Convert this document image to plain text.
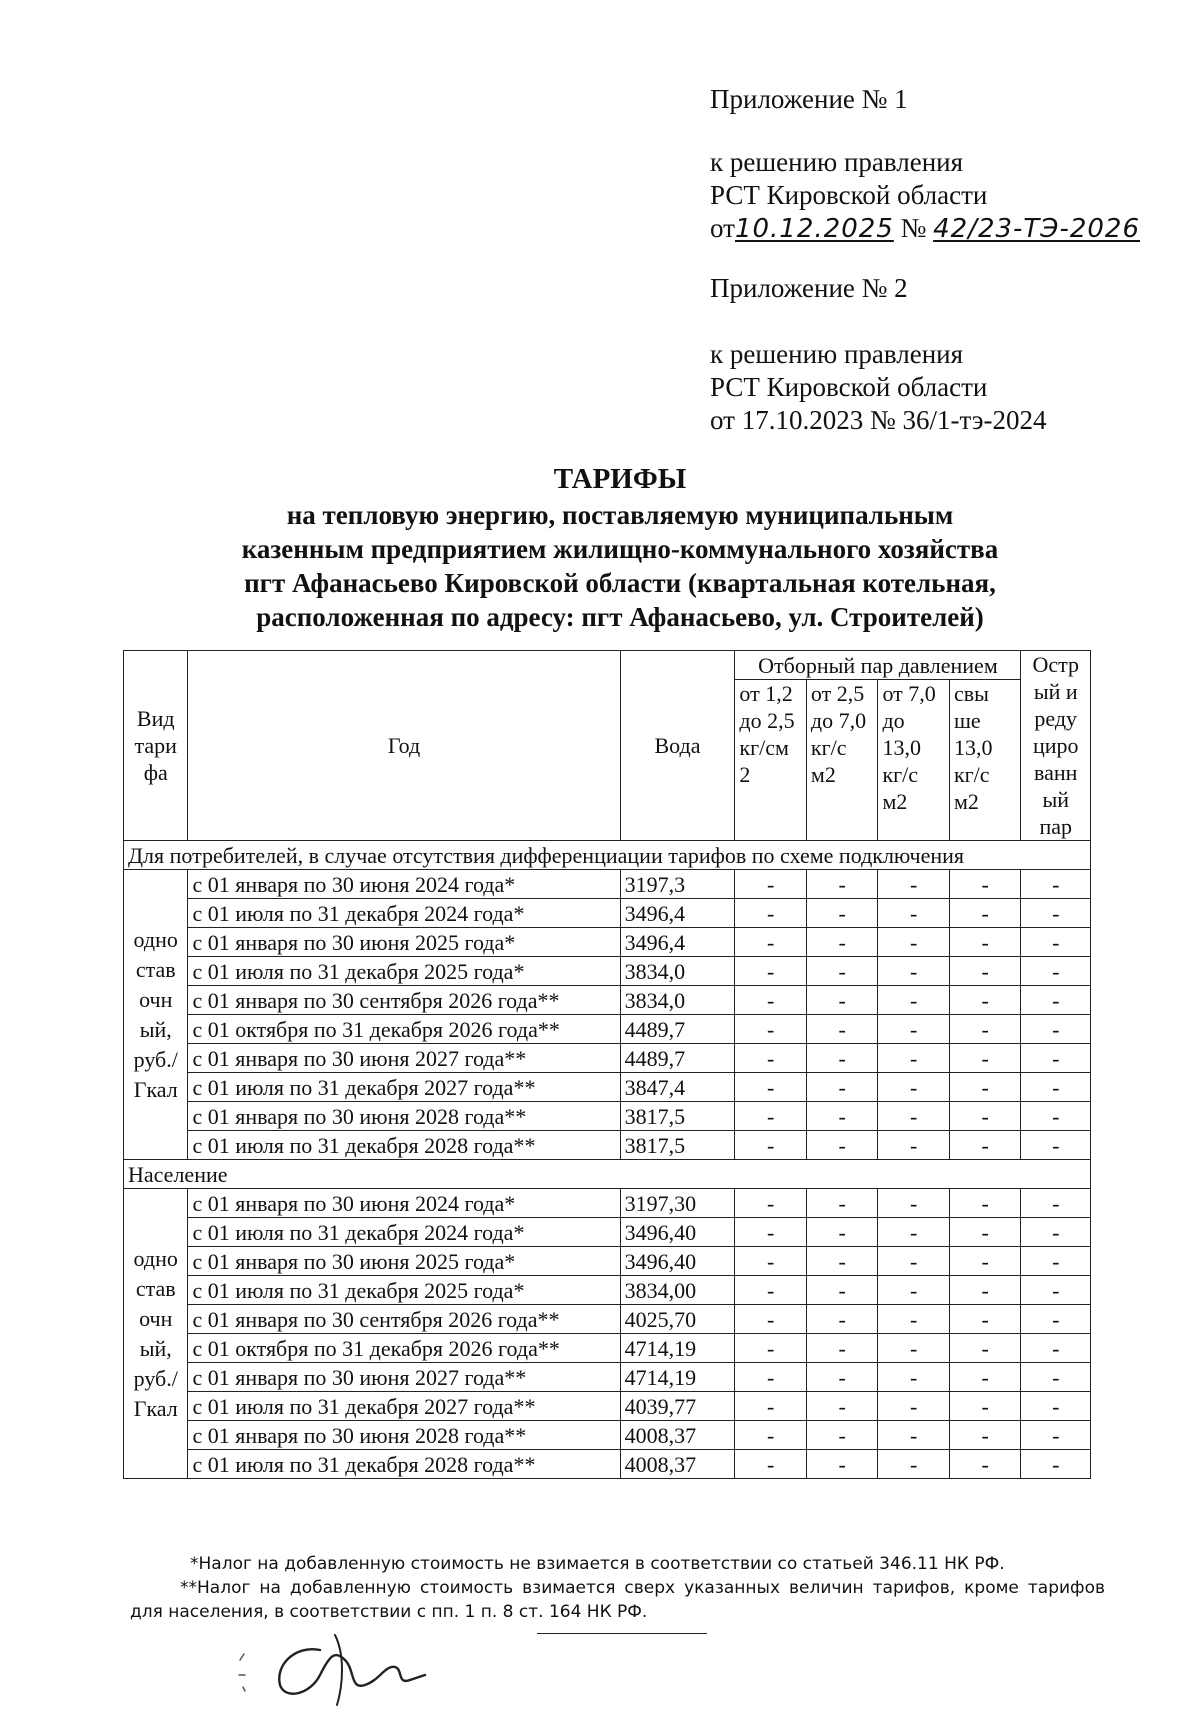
Приложение № 1
к решению правления
РСТ Кировской области
от10.12.2025 № 42/23-ТЭ-2026
Приложение № 2
к решению правления
РСТ Кировской области
от 17.10.2023 № 36/1-тэ-2024
ТАРИФЫ
на тепловую энергию, поставляемую муниципальным
казенным предприятием жилищно-коммунального хозяйства
пгт Афанасьево Кировской области (квартальная котельная,
расположенная по адресу: пгт Афанасьево, ул. Строителей)
Вид тари фа	Год	Вода	Отборный пар давлением				Остр ый и реду циро ванн ый пар
			от 1,2 до 2,5 кг/см 2	от 2,5 до 7,0 кг/с м2	от 7,0 до 13,0 кг/с м2	свы ше 13,0 кг/с м2	
Для потребителей, в случае отсутствия дифференциации тарифов по схеме подключения							
одно став очн ый, руб./ Гкал	с 01 января по 30 июня 2024 года*	3197,3	-	-	-	-	-
	с 01 июля по 31 декабря 2024 года*	3496,4	-	-	-	-	-
	с 01 января по 30 июня 2025 года*	3496,4	-	-	-	-	-
	с 01 июля по 31 декабря 2025 года*	3834,0	-	-	-	-	-
	с 01 января по 30 сентября 2026 года**	3834,0	-	-	-	-	-
	с 01 октября по 31 декабря 2026 года**	4489,7	-	-	-	-	-
	с 01 января по 30 июня 2027 года**	4489,7	-	-	-	-	-
	с 01 июля по 31 декабря 2027 года**	3847,4	-	-	-	-	-
	с 01 января по 30 июня 2028 года**	3817,5	-	-	-	-	-
	с 01 июля по 31 декабря 2028 года**	3817,5	-	-	-	-	-
Население							
одно став очн ый, руб./ Гкал	с 01 января по 30 июня 2024 года*	3197,30	-	-	-	-	-
	с 01 июля по 31 декабря 2024 года*	3496,40	-	-	-	-	-
	с 01 января по 30 июня 2025 года*	3496,40	-	-	-	-	-
	с 01 июля по 31 декабря 2025 года*	3834,00	-	-	-	-	-
	с 01 января по 30 сентября 2026 года**	4025,70	-	-	-	-	-
	с 01 октября по 31 декабря 2026 года**	4714,19	-	-	-	-	-
	с 01 января по 30 июня 2027 года**	4714,19	-	-	-	-	-
	с 01 июля по 31 декабря 2027 года**	4039,77	-	-	-	-	-
	с 01 января по 30 июня 2028 года**	4008,37	-	-	-	-	-
	с 01 июля по 31 декабря 2028 года**	4008,37	-	-	-	-	-
*Налог на добавленную стоимость не взимается в соответствии со статьей 346.11 НК РФ.
**Налог на добавленную стоимость взимается сверх указанных величин тарифов, кроме тарифов для населения, в соответствии с пп. 1 п. 8 ст. 164 НК РФ.
